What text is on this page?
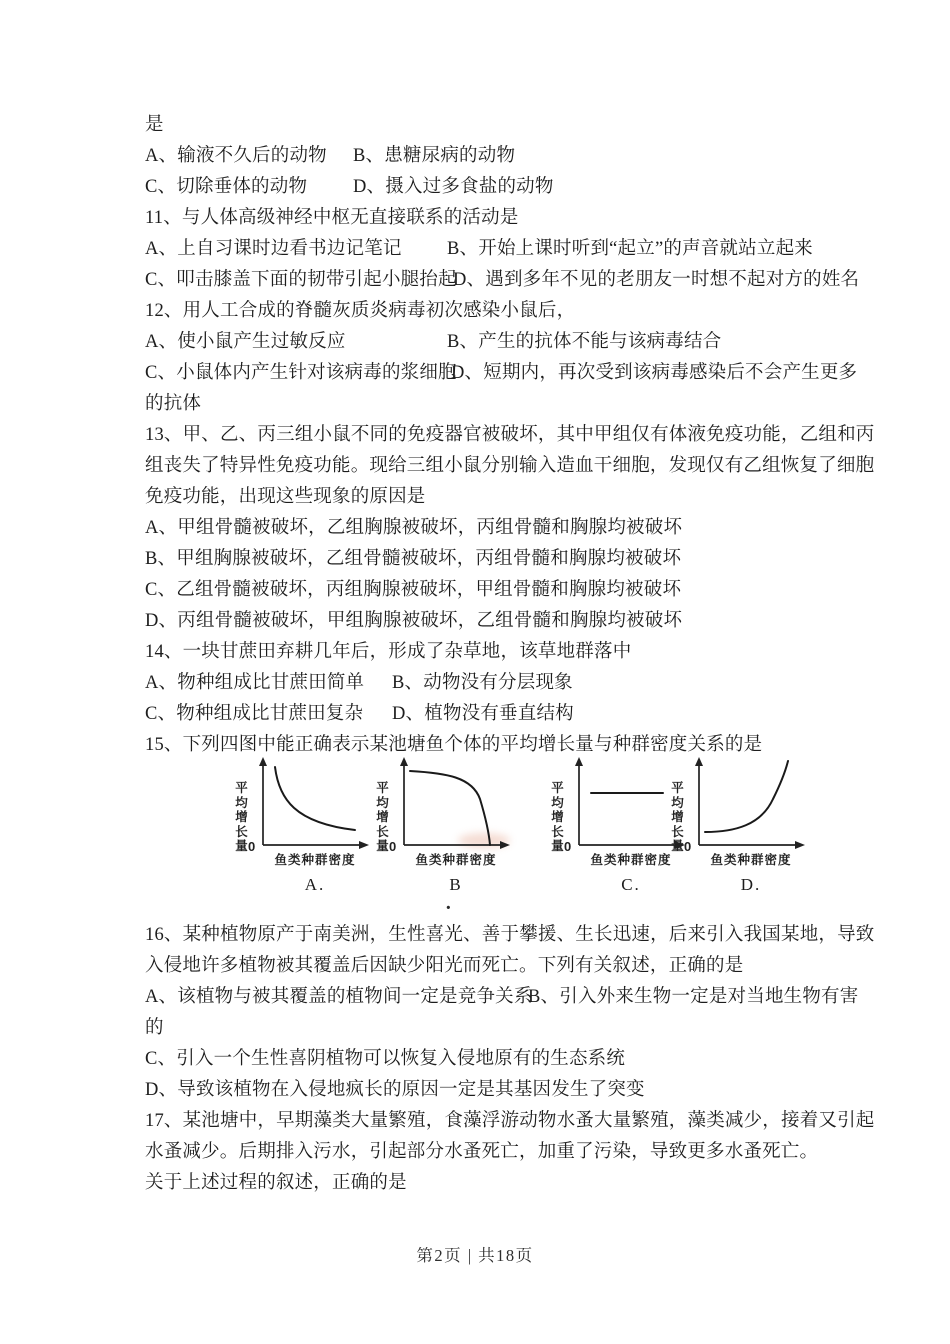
是
A、输液不久后的动物 B、患糖尿病的动物
C、切除垂体的动物 D、摄入过多食盐的动物
11、与人体高级神经中枢无直接联系的活动是
A、上自习课时边看书边记笔记 B、开始上课时听到“起立”的声音就站立起来
C、叩击膝盖下面的韧带引起小腿抬起
D、遇到多年不见的老朋友一时想不起对方的姓名
12、用人工合成的脊髓灰质炎病毒初次感染小鼠后，
A、使小鼠产生过敏反应	B、产生的抗体不能与该病毒结合
C、小鼠体内产生针对该病毒的浆细胞
D、短期内，再次受到该病毒感染后不会产生更多
的抗体
13、甲、乙、丙三组小鼠不同的免疫器官被破坏，其中甲组仅有体液免疫功能，乙组和丙
组丧失了特异性免疫功能。现给三组小鼠分别输入造血干细胞，发现仅有乙组恢复了细胞
免疫功能，出现这些现象的原因是
A、甲组骨髓被破坏，乙组胸腺被破坏，丙组骨髓和胸腺均被破坏
B、甲组胸腺被破坏，乙组骨髓被破坏，丙组骨髓和胸腺均被破坏
C、乙组骨髓被破坏，丙组胸腺被破坏，甲组骨髓和胸腺均被破坏
D、丙组骨髓被破坏，甲组胸腺被破坏，乙组骨髓和胸腺均被破坏
14、一块甘蔗田弃耕几年后，形成了杂草地，该草地群落中
A、物种组成比甘蔗田简单 B、动物没有分层现象
C、物种组成比甘蔗田复杂 D、植物没有垂直结构
15、下列四图中能正确表示某池塘鱼个体的平均增长量与种群密度关系的是
·
平
均
增
长
量 0
鱼类种群密度
A.
平
均
增
长
量 0
鱼类种群密度
B
平
均
增
长
量 0
鱼类种群密度
C.
平
均
增
长
量 0
鱼类种群密度
D.
16、某种植物原产于南美洲，生性喜光、善于攀援、生长迅速，后来引入我国某地，导致
入侵地许多植物被其覆盖后因缺少阳光而死亡。下列有关叙述，正确的是
A、该植物与被其覆盖的植物间一定是竞争关系
B、引入外来生物一定是对当地生物有害
的
C、引入一个生性喜阴植物可以恢复入侵地原有的生态系统
D、导致该植物在入侵地疯长的原因一定是其基因发生了突变
17、某池塘中，早期藻类大量繁殖，食藻浮游动物水蚤大量繁殖，藻类减少，接着又引起
水蚤减少。后期排入污水，引起部分水蚤死亡，加重了污染，导致更多水蚤死亡。
关于上述过程的叙述，正确的是
第2页 | 共18页
